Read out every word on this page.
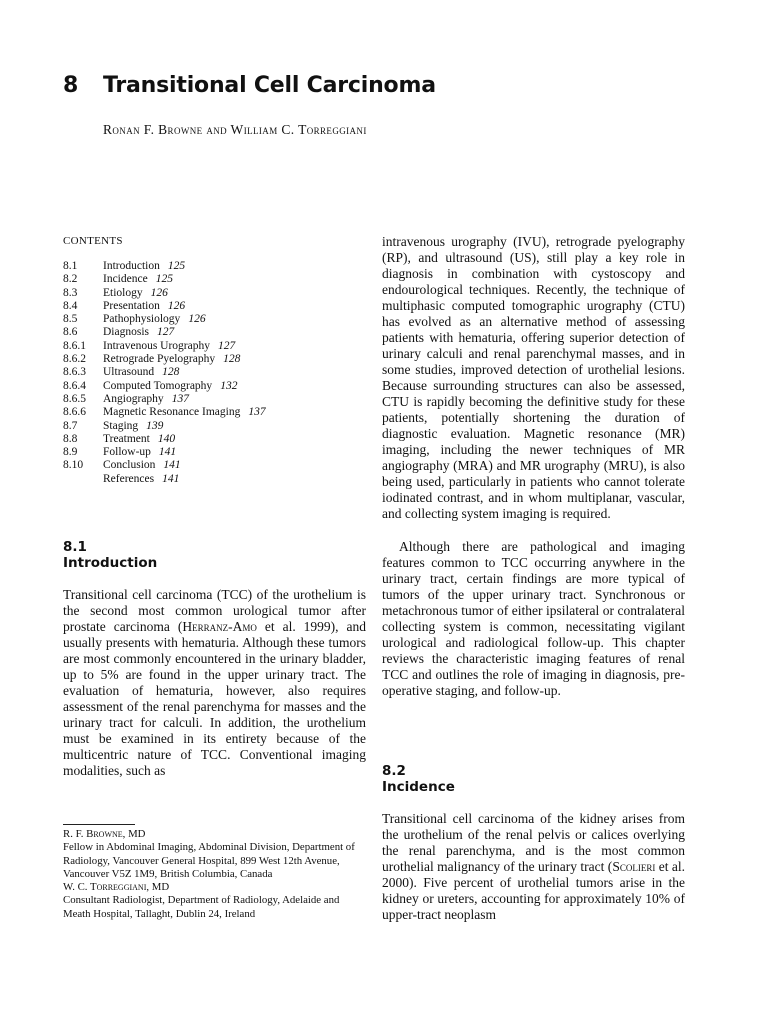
8 Transitional Cell Carcinoma
Ronan F. Browne and William C. Torreggiani
CONTENTS
8.1 Introduction 125
8.2 Incidence 125
8.3 Etiology 126
8.4 Presentation 126
8.5 Pathophysiology 126
8.6 Diagnosis 127
8.6.1 Intravenous Urography 127
8.6.2 Retrograde Pyelography 128
8.6.3 Ultrasound 128
8.6.4 Computed Tomography 132
8.6.5 Angiography 137
8.6.6 Magnetic Resonance Imaging 137
8.7 Staging 139
8.8 Treatment 140
8.9 Follow-up 141
8.10 Conclusion 141
References 141
8.1
Introduction

Transitional cell carcinoma (TCC) of the urothelium is the second most common urological tumor after prostate carcinoma (Herranz-Amo et al. 1999), and usually presents with hematuria. Although these tumors are most commonly encountered in the urinary bladder, up to 5% are found in the upper urinary tract. The evaluation of hematuria, however, also requires assessment of the renal parenchyma for masses and the urinary tract for calculi. In addition, the urothelium must be examined in its entirety because of the multicentric nature of TCC. Conventional imaging modalities, such as

R. F. Browne, MD
Fellow in Abdominal Imaging, Abdominal Division, Department of Radiology, Vancouver General Hospital, 899 West 12th Avenue, Vancouver V5Z 1M9, British Columbia, Canada
W. C. Torreggiani, MD
Consultant Radiologist, Department of Radiology, Adelaide and Meath Hospital, Tallaght, Dublin 24, Ireland

intravenous urography (IVU), retrograde pyelography (RP), and ultrasound (US), still play a key role in diagnosis in combination with cystoscopy and endourological techniques. Recently, the technique of multiphasic computed tomographic urography (CTU) has evolved as an alternative method of assessing patients with hematuria, offering superior detection of urinary calculi and renal parenchymal masses, and in some studies, improved detection of urothelial lesions. Because surrounding structures can also be assessed, CTU is rapidly becoming the definitive study for these patients, potentially shortening the duration of diagnostic evaluation. Magnetic resonance (MR) imaging, including the newer techniques of MR angiography (MRA) and MR urography (MRU), is also being used, particularly in patients who cannot tolerate iodinated contrast, and in whom multiplanar, vascular, and collecting system imaging is required.

Although there are pathological and imaging features common to TCC occurring anywhere in the urinary tract, certain findings are more typical of tumors of the upper urinary tract. Synchronous or metachronous tumor of either ipsilateral or contralateral collecting system is common, necessitating vigilant urological and radiological follow-up. This chapter reviews the characteristic imaging features of renal TCC and outlines the role of imaging in diagnosis, pre-operative staging, and follow-up.

8.2
Incidence

Transitional cell carcinoma of the kidney arises from the urothelium of the renal pelvis or calices overlying the renal parenchyma, and is the most common urothelial malignancy of the urinary tract (Scolieri et al. 2000). Five percent of urothelial tumors arise in the kidney or ureters, accounting for approximately 10% of upper-tract neoplasm
